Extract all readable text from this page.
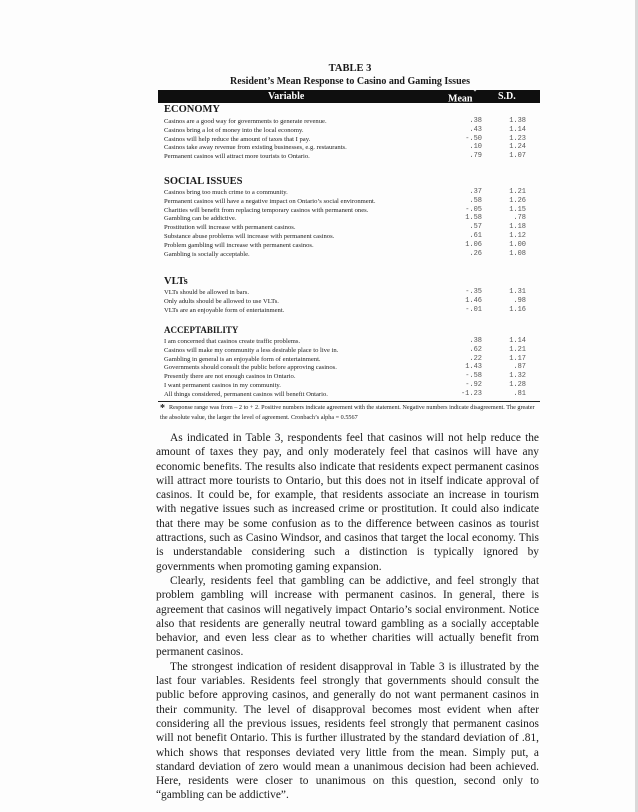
TABLE 3
Resident’s Mean Response to Casino and Gaming Issues
Variable	Mean* S.D.
ECONOMY
Casinos are a good way for governments to generate revenue.	.38	1.38
Casinos bring a lot of money into the local economy.	.43	1.14
Casinos will help reduce the amount of taxes that I pay.	-.50	1.23
Casinos take away revenue from existing businesses, e.g. restaurants.	.10	1.24
Permanent casinos will attract more tourists to Ontario.	.79	1.07
SOCIAL ISSUES
Casinos bring too much crime to a community.	.37	1.21
Permanent casinos will have a negative impact on Ontario’s social environment.	.58	1.26
Charities will benefit from replacing temporary casinos with permanent ones.	-.05	1.15
Gambling can be addictive.	1.58	.78
Prostitution will increase with permanent casinos.	.57	1.18
Substance abuse problems will increase with permanent casinos.	.61	1.12
Problem gambling will increase with permanent casinos.	1.06	1.00
Gambling is socially acceptable.	.26	1.08
VLTs
VLTs should be allowed in bars.	-.35	1.31
Only adults should be allowed to use VLTs.	1.46	.98
VLTs are an enjoyable form of entertainment.	-.01	1.16
ACCEPTABILITY
I am concerned that casinos create traffic problems.	.38	1.14
Casinos will make my community a less desirable place to live in.	.62	1.21
Gambling in general is an enjoyable form of entertainment.	.22	1.17
Governments should consult the public before approving casinos.	1.43	.87
Presently there are not enough casinos in Ontario.	-.58	1.32
I want permanent casinos in my community.	-.92	1.28
All things considered, permanent casinos will benefit Ontario.	-1.23	.81
* Response range was from – 2 to + 2. Positive numbers indicate agreement with the statement. Negative numbers indicate disagreement. The greater the absolute value, the larger the level of agreement. Cronbach’s alpha = 0.5567

As indicated in Table 3, respondents feel that casinos will not help reduce the amount of taxes they pay, and only moderately feel that casinos will have any economic benefits. The results also indicate that residents expect permanent casinos will attract more tourists to Ontario, but this does not in itself indicate approval of casinos. It could be, for example, that residents associate an increase in tourism with negative issues such as increased crime or prostitution. It could also indicate that there may be some confusion as to the difference between casinos as tourist attractions, such as Casino Windsor, and casinos that target the local economy. This is understandable considering such a distinction is typically ignored by governments when promoting gaming expansion.

Clearly, residents feel that gambling can be addictive, and feel strongly that problem gambling will increase with permanent casinos. In general, there is agreement that casinos will negatively impact Ontario’s social environment. Notice also that residents are generally neutral toward gambling as a socially acceptable behavior, and even less clear as to whether charities will actually benefit from permanent casinos.

The strongest indication of resident disapproval in Table 3 is illustrated by the last four variables. Residents feel strongly that governments should consult the public before approving casinos, and generally do not want permanent casinos in their community. The level of disapproval becomes most evident when after considering all the previous issues, residents feel strongly that permanent casinos will not benefit Ontario. This is further illustrated by the standard deviation of .81, which shows that responses deviated very little from the mean. Simply put, a standard deviation of zero would mean a unanimous decision had been achieved. Here, residents were closer to unanimous on this question, second only to “gambling can be addictive”.
